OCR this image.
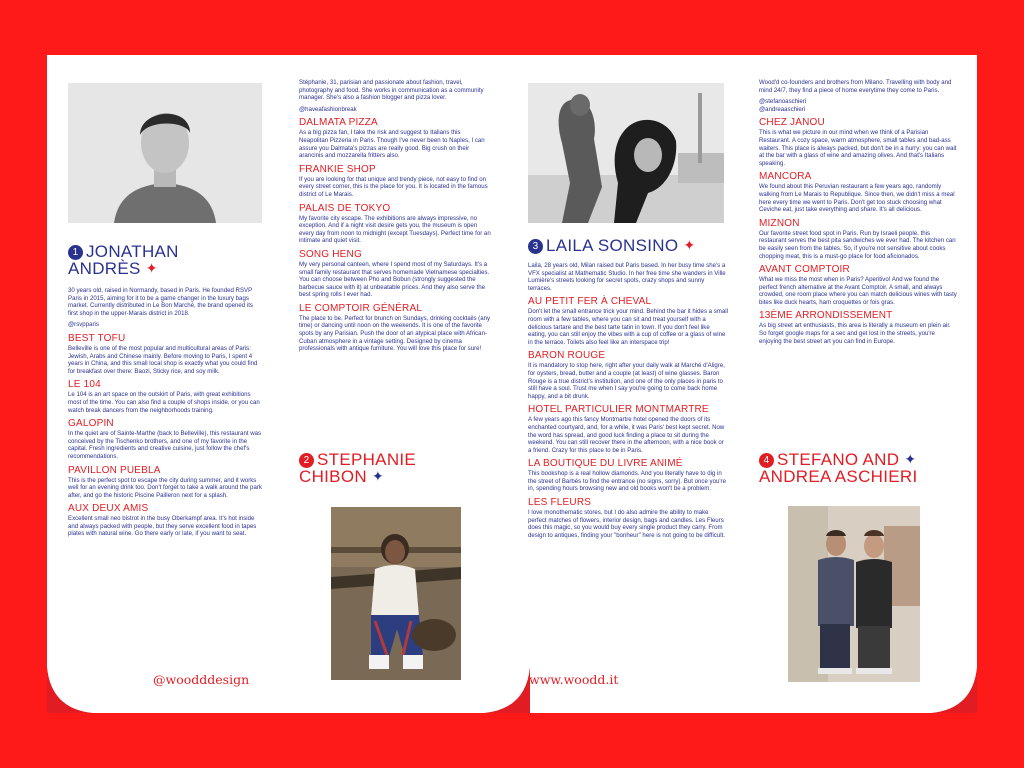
1 JONATHAN
ANDRÈS ✦

30 years old, raised in Normandy, based in Paris. He founded RSVP Paris in 2015, aiming for it to be a game changer in the luxury bags market. Currently distributed in Le Bon Marché, the brand opened its first shop in the upper-Marais district in 2018.

@rsvpparis

BEST TOFU

Belleville is one of the most popular and multicultural areas of Paris: Jewish, Arabs and Chinese mainly. Before moving to Paris, I spent 4 years in China, and this small local shop is exactly what you could find for breakfast over there: Baozi, Sticky rice, and soy milk.

LE 104

Le 104 is an art space on the outskirt of Paris, with great exhibitions most of the time. You can also find a couple of shops inside, or you can watch break dancers from the neighborhoods training.

GALOPIN

In the quiet are of Sainte-Marthe (back to Belleville), this restaurant was conceived by the Tischenko brothers, and one of my favorite in the capital. Fresh ingredients and creative cuisine, just follow the chef's recommendations.

PAVILLON PUEBLA

This is the perfect spot to escape the city during summer, and it works well for an evening drink too. Don't forget to take a walk around the park after, and go the historic Piscine Pailleron next for a splash.

AUX DEUX AMIS

Excellent small neo bistrot in the busy Oberkampf area. It's hot inside and always packed with people, but they serve excellent food in tapes plates with natural wine. Go there early or late, if you want to seat.

@woodddesign

Stéphanie, 31, parisian and passionate about fashion, travel, photography and food. She works in communication as a community manager. She's also a fashion blogger and pizza lover.

@haveafashionbreak

DALMATA PIZZA

As a big pizza fan, I take the risk and suggest to Italians this Neapolitan Pizzeria in Paris. Though I've never been to Naples, I can assure you Dalmata's pizzas are really good. Big crush on their arancinis and mozzarella fritters also.

FRANKIE SHOP

If you are looking for that unique and trendy piece, not easy to find on every street corner, this is the place for you. It is located in the famous district of Le Marais.

PALAIS DE TOKYO

My favorite city escape. The exhibitions are always impressive, no exception. And if a night visit desire gets you, the museum is open every day from noon to midnight (except Tuesdays). Perfect time for an intimate and quiet visit.

SONG HENG

My very personal canteen, where I spend most of my Saturdays. It's a small family restaurant that serves homemade Vietnamese specialties. You can choose between Pho and Bobun (strongly suggested the barbecue sauce with it) at unbeatable prices. And they also serve the best spring rolls I ever had.

LE COMPTOIR GÉNÉRAL

The place to be. Perfect for brunch on Sundays, drinking cocktails (any time) or dancing until noon on the weekends. It is one of the favorite spots by any Parisian. Push the door of an atypical place with African-Cuban atmosphere in a vintage setting. Designed by cinema professionals with antique furniture. You will love this place for sure!

2 STEPHANIE
CHIBON ✦
3 LAILA SONSINO ✦

Laila, 28 years old, Milan raised but Paris based. In her busy time she's a VFX specialist at Mathematic Studio. In her free time she wanders in Ville Lumière's streets looking for secret spots, crazy shops and sunny terraces.

AU PETIT FER À CHEVAL

Don't let the small entrance trick your mind. Behind the bar it hides a small room with a few tables, where you can sit and treat yourself with a delicious tartare and the best tarte tatin in town. If you don't feel like eating, you can still enjoy the vibes with a cup of coffee or a glass of wine in the terrace. Toilets also feel like an interspace trip!

BARON ROUGE

It is mandatory to stop here, right after your daily walk at Marché d'Aligre, for oysters, bread, butter and a couple (at least) of wine glasses. Baron Rouge is a true district's institution, and one of the only places in paris to still have a soul. Trust me when I say you're going to come back home happy, and a bit drunk.

HOTEL PARTICULIER MONTMARTRE

A few years ago this fancy Montmartre hotel opened the doors of its enchanted courtyard, and, for a while, it was Paris' best kept secret. Now the word has spread, and good luck finding a place to sit during the weekend. You can still recover there in the afternoon, with a nice book or a friend. Crazy for this place to be in Paris.

LA BOUTIQUE DU LIVRE ANIMÉ

This bookshop is a real hollow diamonds. And you literally have to dig in the street of Barbès to find the entrance (no signs, sorry). But once you're in, spending hours browsing new and old books won't be a problem.

LES FLEURS

I love monothematic stores, but I do also admire the ability to make perfect matches of flowers, interior design, bags and candles. Les Fleurs does this magic, so you would buy every single product they carry. From design to antiques, finding your "bonheur" here is not going to be difficult.

www.woodd.it

Wood'd co-founders and brothers from Milano. Travelling with body and mind 24/7, they find a piece of home everytime they come to Paris.

@stefanoaschieri

@andreaaschieri

CHEZ JANOU

This is what we picture in our mind when we think of a Parisian Restaurant. A cozy space, warm atmosphere, small tables and bad-ass waiters. This place is always packed, but don't be in a hurry: you can wait at the bar with a glass of wine and amazing olives. And that's Italians speaking.

MANCORA

We found about this Peruvian restaurant a few years ago, randomly walking from Le Marais to Republique. Since then, we didn't miss a meal here every time we went to Paris. Don't get too stuck choosing what Ceviche eat, just take everything and share. It's all delicious.

MIZNON

Our favorite street food spot in Paris. Run by Israeli people, this restaurant serves the best pita sandwiches we ever had. The kitchen can be easily seen from the tables. So, if you're not sensitive about cooks chopping meat, this is a must-go place for food aficionados.

AVANT COMPTOIR

What we miss the most when in Paris? Aperitivo! And we found the perfect french alternative at the Avant Comptoir. A small, and always crowded, one room place where you can match delicious wines with tasty bites like duck hearts, ham croquettes or fois gras.

13ÈME ARRONDISSEMENT

As big street art enthusiasts, this area is literally a museum en plein air. So forget google maps for a sec and get lost in the streets, you're enjoying the best street art you can find in Europe.

4 STEFANO AND ✦
ANDREA ASCHIERI
